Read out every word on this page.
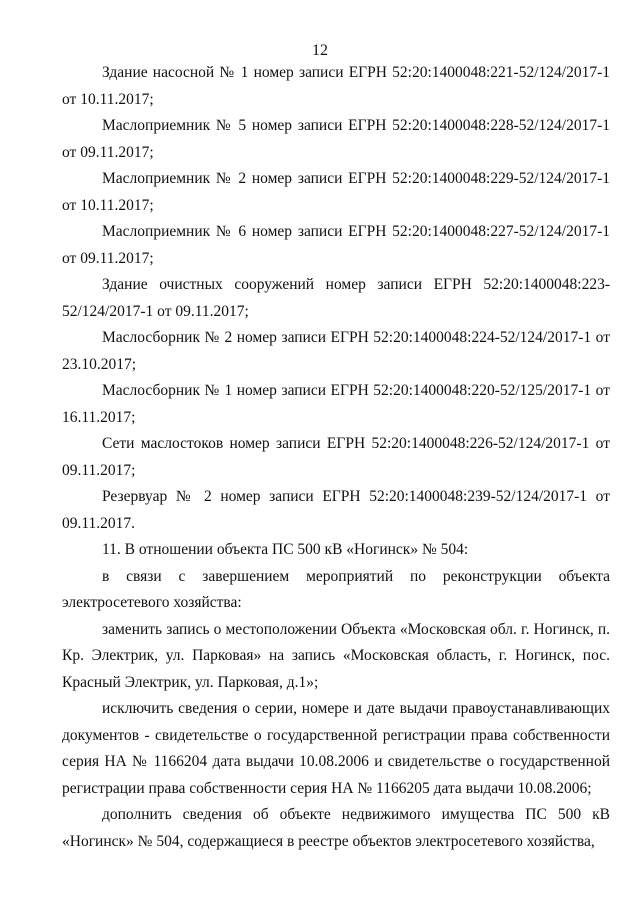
12

Здание насосной № 1 номер записи ЕГРН 52:20:1400048:221-52/124/2017-1 от 10.11.2017;

Маслоприемник № 5 номер записи ЕГРН 52:20:1400048:228-52/124/2017-1 от 09.11.2017;

Маслоприемник № 2 номер записи ЕГРН 52:20:1400048:229-52/124/2017-1 от 10.11.2017;

Маслоприемник № 6 номер записи ЕГРН 52:20:1400048:227-52/124/2017-1 от 09.11.2017;

Здание очистных сооружений номер записи ЕГРН 52:20:1400048:223-52/124/2017-1 от 09.11.2017;

Маслосборник № 2 номер записи ЕГРН 52:20:1400048:224-52/124/2017-1 от 23.10.2017;

Маслосборник № 1 номер записи ЕГРН 52:20:1400048:220-52/125/2017-1 от 16.11.2017;

Сети маслостоков номер записи ЕГРН 52:20:1400048:226-52/124/2017-1 от 09.11.2017;

Резервуар № 2 номер записи ЕГРН 52:20:1400048:239-52/124/2017-1 от 09.11.2017.

11. В отношении объекта ПС 500 кВ «Ногинск» № 504:

в связи с завершением мероприятий по реконструкции объекта электросетевого хозяйства:

заменить запись о местоположении Объекта «Московская обл. г. Ногинск, п. Кр. Электрик, ул. Парковая» на запись «Московская область, г. Ногинск, пос. Красный Электрик, ул. Парковая, д.1»;

исключить сведения о серии, номере и дате выдачи правоустанавливающих документов - свидетельстве о государственной регистрации права собственности серия НА № 1166204 дата выдачи 10.08.2006 и свидетельстве о государственной регистрации права собственности серия НА № 1166205 дата выдачи 10.08.2006;

дополнить сведения об объекте недвижимого имущества ПС 500 кВ «Ногинск» № 504, содержащиеся в реестре объектов электросетевого хозяйства,
